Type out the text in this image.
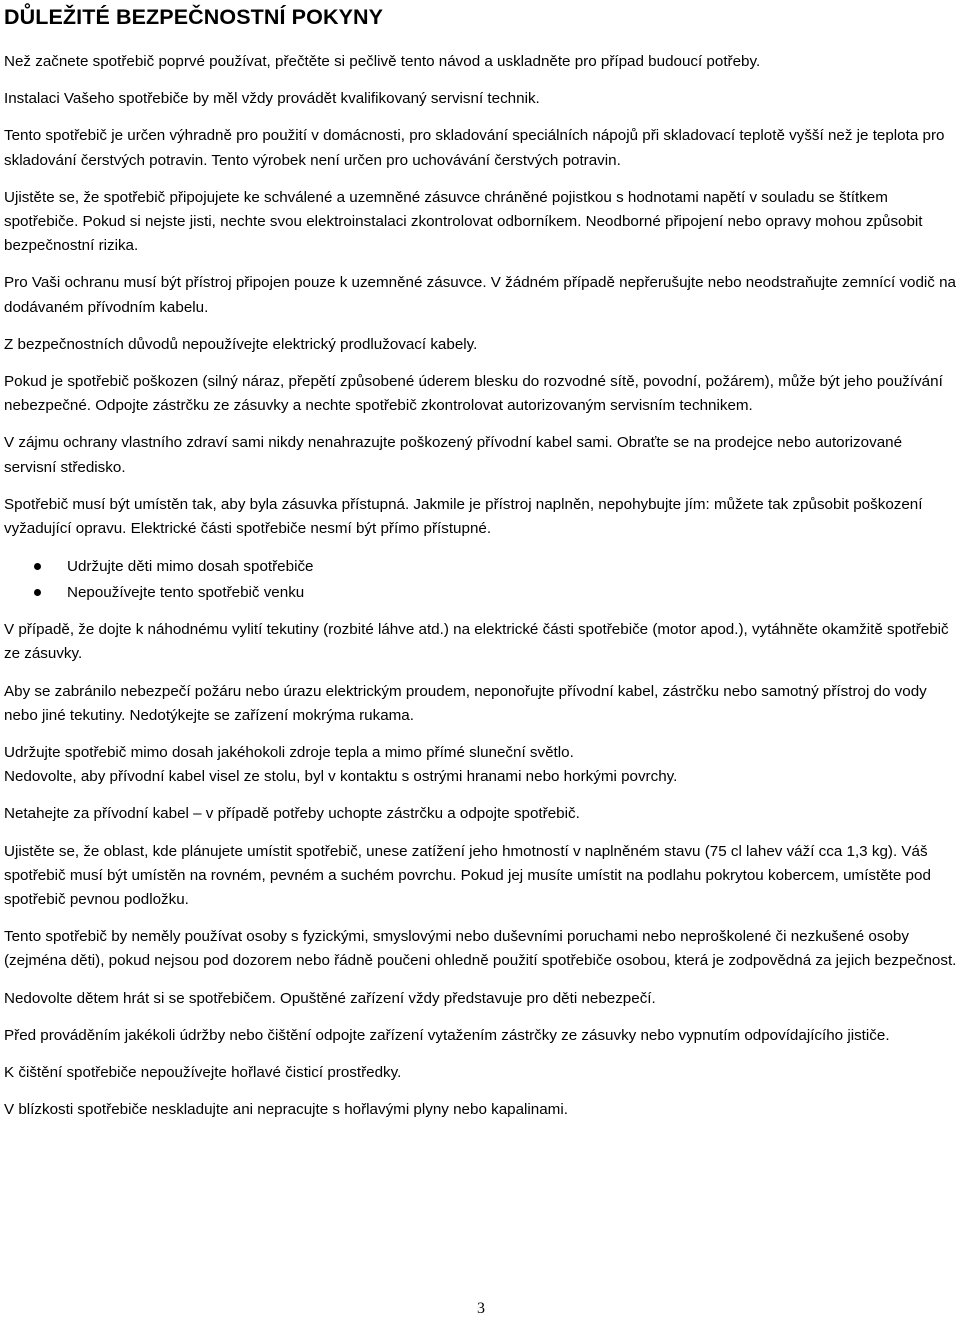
DŮLEŽITÉ BEZPEČNOSTNÍ POKYNY

Než začnete spotřebič poprvé používat, přečtěte si pečlivě tento návod a uskladněte pro případ budoucí potřeby.

Instalaci Vašeho spotřebiče by měl vždy provádět kvalifikovaný servisní technik.

Tento spotřebič je určen výhradně pro použití v domácnosti, pro skladování speciálních nápojů při skladovací teplotě vyšší než je teplota pro skladování čerstvých potravin. Tento výrobek není určen pro uchovávání čerstvých potravin.

Ujistěte se, že spotřebič připojujete ke schválené a uzemněné zásuvce chráněné pojistkou s hodnotami napětí v souladu se štítkem spotřebiče. Pokud si nejste jisti, nechte svou elektroinstalaci zkontrolovat odborníkem. Neodborné připojení nebo opravy mohou způsobit bezpečnostní rizika.

Pro Vaši ochranu musí být přístroj připojen pouze k uzemněné zásuvce. V žádném případě nepřerušujte nebo neodstraňujte zemnící vodič na dodávaném přívodním kabelu.

Z bezpečnostních důvodů nepoužívejte elektrický prodlužovací kabely.

Pokud je spotřebič poškozen (silný náraz, přepětí způsobené úderem blesku do rozvodné sítě, povodní, požárem), může být jeho používání nebezpečné. Odpojte zástrčku ze zásuvky a nechte spotřebič zkontrolovat autorizovaným servisním technikem.

V zájmu ochrany vlastního zdraví sami nikdy nenahrazujte poškozený přívodní kabel sami. Obraťte se na prodejce nebo autorizované servisní středisko.

Spotřebič musí být umístěn tak, aby byla zásuvka přístupná. Jakmile je přístroj naplněn, nepohybujte jím: můžete tak způsobit poškození vyžadující opravu. Elektrické části spotřebiče nesmí být přímo přístupné.

Udržujte děti mimo dosah spotřebiče
Nepoužívejte tento spotřebič venku

V případě, že dojte k náhodnému vylití tekutiny (rozbité láhve atd.) na elektrické části spotřebiče (motor apod.), vytáhněte okamžitě spotřebič ze zásuvky.

Aby se zabránilo nebezpečí požáru nebo úrazu elektrickým proudem, neponořujte přívodní kabel, zástrčku nebo samotný přístroj do vody nebo jiné tekutiny. Nedotýkejte se zařízení mokrýma rukama.

Udržujte spotřebič mimo dosah jakéhokoli zdroje tepla a mimo přímé sluneční světlo.

Nedovolte, aby přívodní kabel visel ze stolu, byl v kontaktu s ostrými hranami nebo horkými povrchy.

Netahejte za přívodní kabel – v případě potřeby uchopte zástrčku a odpojte spotřebič.

Ujistěte se, že oblast, kde plánujete umístit spotřebič, unese zatížení jeho hmotností v naplněném stavu (75 cl lahev váží cca 1,3 kg). Váš spotřebič musí být umístěn na rovném, pevném a suchém povrchu. Pokud jej musíte umístit na podlahu pokrytou kobercem, umístěte pod spotřebič pevnou podložku.

Tento spotřebič by neměly používat osoby s fyzickými, smyslovými nebo duševními poruchami nebo neproškolené či nezkušené osoby (zejména děti), pokud nejsou pod dozorem nebo řádně poučeni ohledně použití spotřebiče osobou, která je zodpovědná za jejich bezpečnost.

Nedovolte dětem hrát si se spotřebičem. Opuštěné zařízení vždy představuje pro děti nebezpečí.

Před prováděním jakékoli údržby nebo čištění odpojte zařízení vytažením zástrčky ze zásuvky nebo vypnutím odpovídajícího jističe.

K čištění spotřebiče nepoužívejte hořlavé čisticí prostředky.

V blízkosti spotřebiče neskladujte ani nepracujte s hořlavými plyny nebo kapalinami.

3
